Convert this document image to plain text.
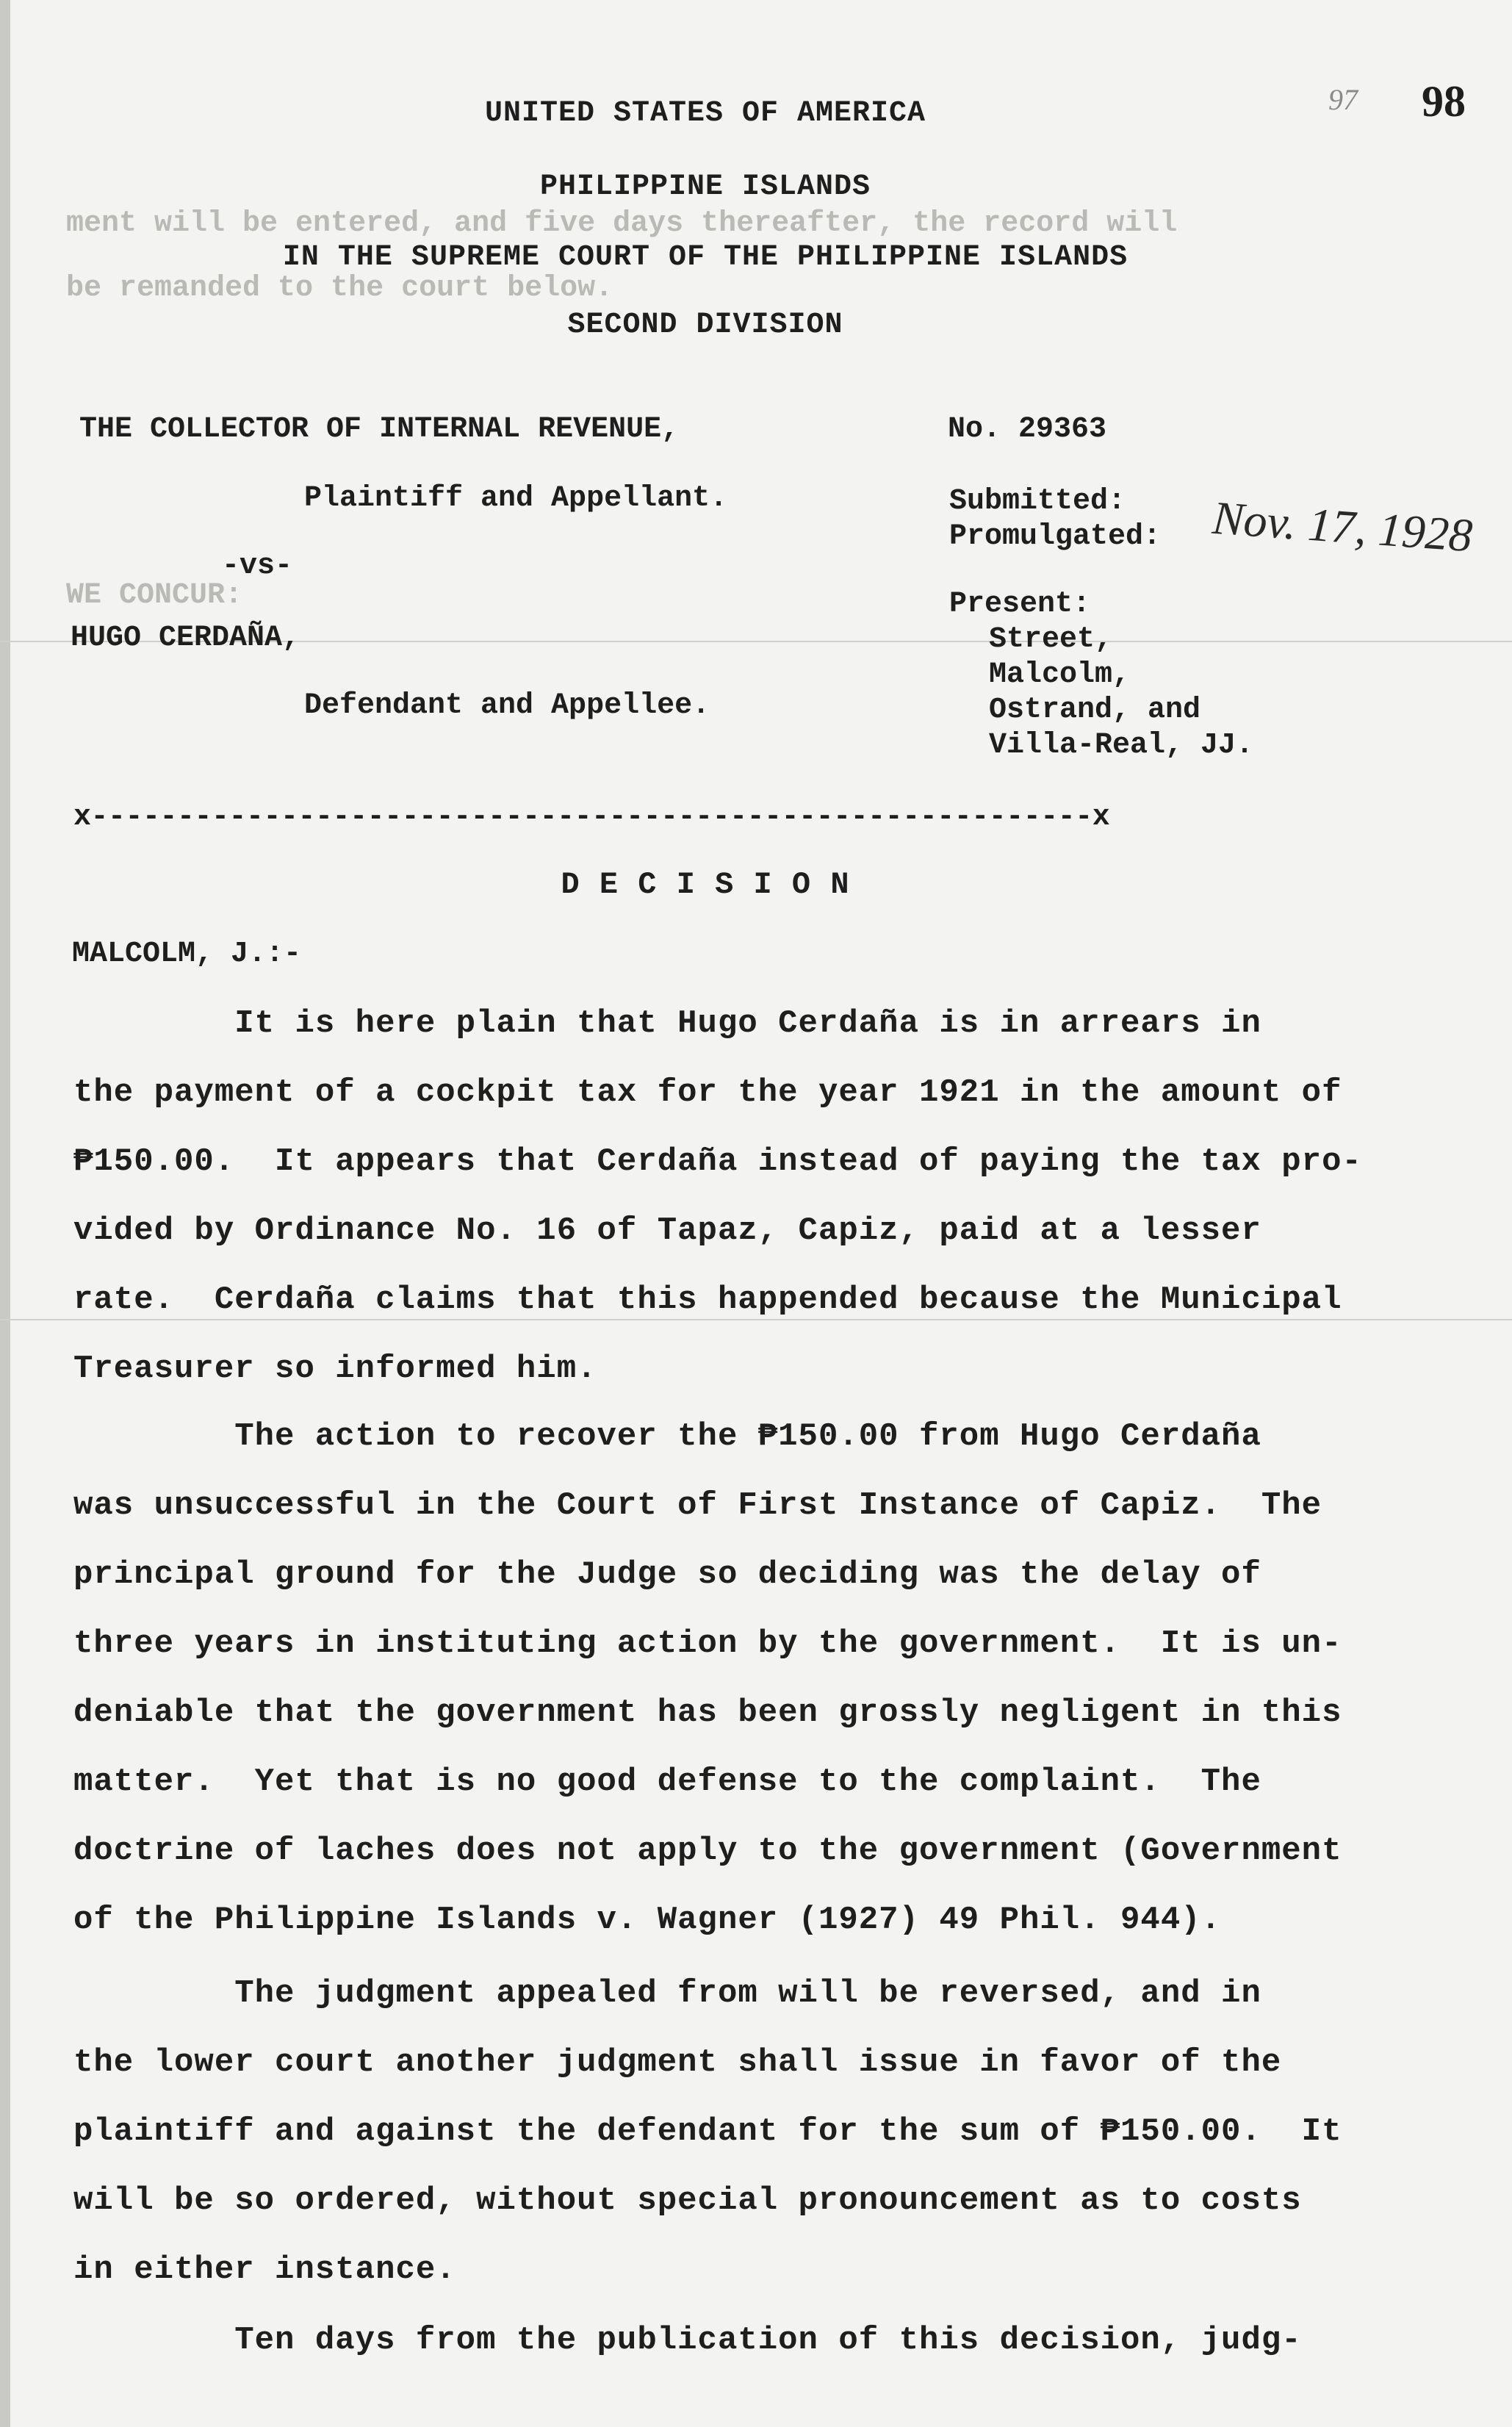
ment will be entered, and five days thereafter, the record will
be remanded to the court below.
WE CONCUR:
97 98
UNITED STATES OF AMERICA
PHILIPPINE ISLANDS
IN THE SUPREME COURT OF THE PHILIPPINE ISLANDS
SECOND DIVISION
THE COLLECTOR OF INTERNAL REVENUE,
Plaintiff and Appellant.
-vs-
HUGO CERDAÑA,
Defendant and Appellee.
No. 29363
Submitted:
Promulgated: Nov. 17, 1928
Present:
Street,
Malcolm,
Ostrand, and
Villa-Real, JJ.
x----------------------------------------------------------x
D E C I S I O N
MALCOLM, J.:-
It is here plain that Hugo Cerdaña is in arrears in
the payment of a cockpit tax for the year 1921 in the amount of
₱150.00.  It appears that Cerdaña instead of paying the tax pro-
vided by Ordinance No. 16 of Tapaz, Capiz, paid at a lesser
rate.  Cerdaña claims that this happended because the Municipal
Treasurer so informed him.
The action to recover the ₱150.00 from Hugo Cerdaña
was unsuccessful in the Court of First Instance of Capiz.  The
principal ground for the Judge so deciding was the delay of
three years in instituting action by the government.  It is un-
deniable that the government has been grossly negligent in this
matter.  Yet that is no good defense to the complaint.  The
doctrine of laches does not apply to the government (Government
of the Philippine Islands v. Wagner (1927) 49 Phil. 944).
The judgment appealed from will be reversed, and in
the lower court another judgment shall issue in favor of the
plaintiff and against the defendant for the sum of ₱150.00.  It
will be so ordered, without special pronouncement as to costs
in either instance.
Ten days from the publication of this decision, judg-
